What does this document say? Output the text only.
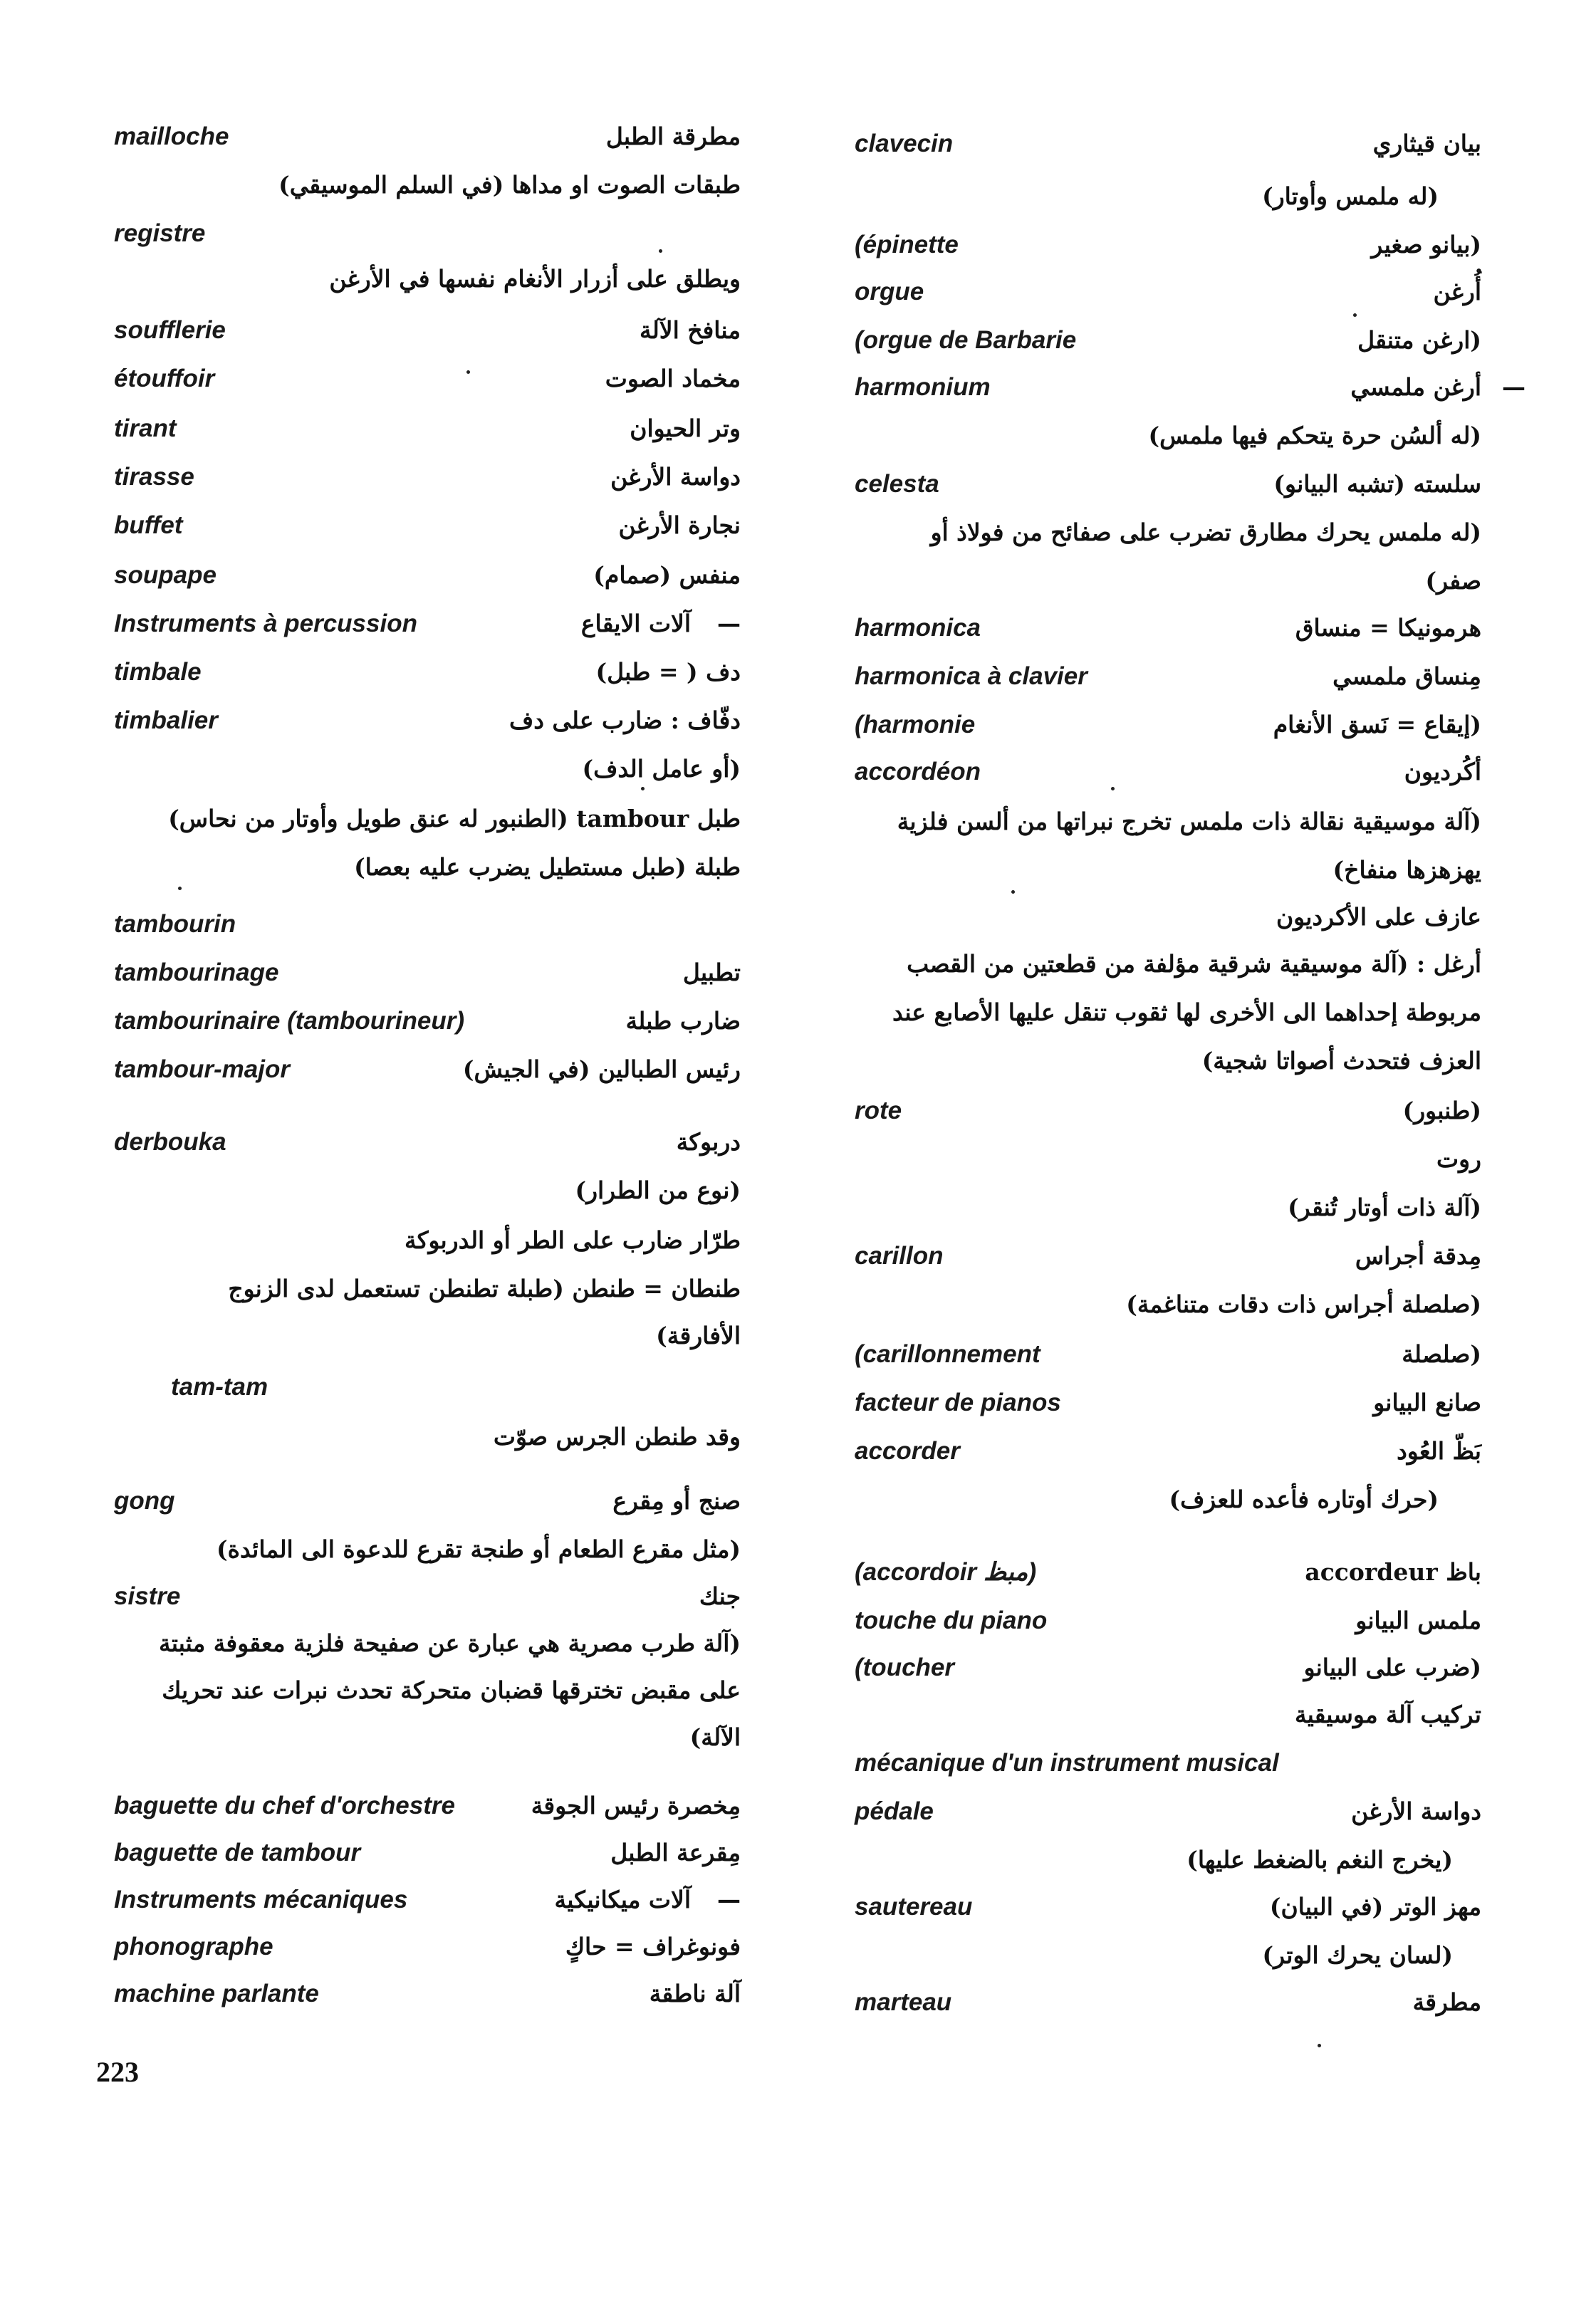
mailloche	مطرقة الطبل
طبقات الصوت او مداها (في السلم الموسيقي)
registre
ويطلق على أزرار الأنغام نفسها في الأرغن
soufflerie	منافخ الآلة
étouffoir	مخماد الصوت
tirant	وتر الحيوان
tirasse	دواسة الأرغن
buffet	نجارة الأرغن
soupape	منفس (صمام)
Instruments à percussion	آلات الايقاع —
timbale	دف ( = طبل)
timbalier	دفّاف : ضارب على دف
(أو عامل الدف)
طبل tambour (الطنبور له عنق طويل وأوتار من نحاس)
طبلة (طبل مستطيل يضرب عليه بعصا)
tambourin
tambourinage	تطبيل
tambourinaire (tambourineur)	ضارب طبلة
tambour-major	رئيس الطبالين (في الجيش)
derbouka	دربوكة
(نوع من الطرار)
طرّار ضارب على الطر أو الدربوكة
طنطان = طنطن (طبلة تطنطن تستعمل لدى الزنوج
الأفارقة)
tam-tam
وقد طنطن الجرس صوّت
gong	صنج أو مِقرع
(مثل مقرع الطعام أو طنجة تقرع للدعوة الى المائدة)
sistre	جنك
(آلة طرب مصرية هي عبارة عن صفيحة فلزية معقوفة مثبتة
على مقبض تخترقها قضبان متحركة تحدث نبرات عند تحريك
الآلة)
baguette du chef d'orchestre	مِخصرة رئيس الجوقة
baguette de tambour	مِقرعة الطبل
Instruments mécaniques	آلات ميكانيكية —
phonographe	فونوغراف = حاكٍ
machine parlante	آلة ناطقة
clavecin	بيان قيثاري
(له ملمس وأوتار)
(épinette	(بيانو صغير
orgue	أُرغن
(orgue de Barbarie	(ارغن متنقل
harmonium	أرغن ملمسي —
(له ألسُن حرة يتحكم فيها ملمس)
celesta	سلسته (تشبه البيانو)
(له ملمس يحرك مطارق تضرب على صفائح من فولاذ أو
صفر)
harmonica	هرمونيكا = منساق
harmonica à clavier	مِنساق ملمسي
(harmonie	(إيقاع = نَسق الأنغام
accordéon	أكُرديون
(آلة موسيقية نقالة ذات ملمس تخرج نبراتها من ألسن فلزية
يهزهزها منفاخ)
عازف على الأكرديون
أرغل : (آلة موسيقية شرقية مؤلفة من قطعتين من القصب
مربوطة إحداهما الى الأخرى لها ثقوب تنقل عليها الأصابع عند
العزف فتحدث أصواتا شجية)
rote	(طنبور)
روت
(آلة ذات أوتار تُنقر)
carillon	مِدقة أجراس
(صلصلة أجراس ذات دقات متناغمة)
(carillonnement	(صلصلة
facteur de pianos	صانع البيانو
accorder	بَظّ العُود
(حرك أوتاره فأعده للعزف)
(accordoir مبظ)	باظ accordeur
touche du piano	ملمس البيانو
(toucher	(ضرب على البيانو
تركيب آلة موسيقية
mécanique d'un instrument musical
pédale	دواسة الأرغن
(يخرج النغم بالضغط عليها)
sautereau	مهز الوتر (في البيان)
(لسان يحرك الوتر)
marteau	مطرقة
223
